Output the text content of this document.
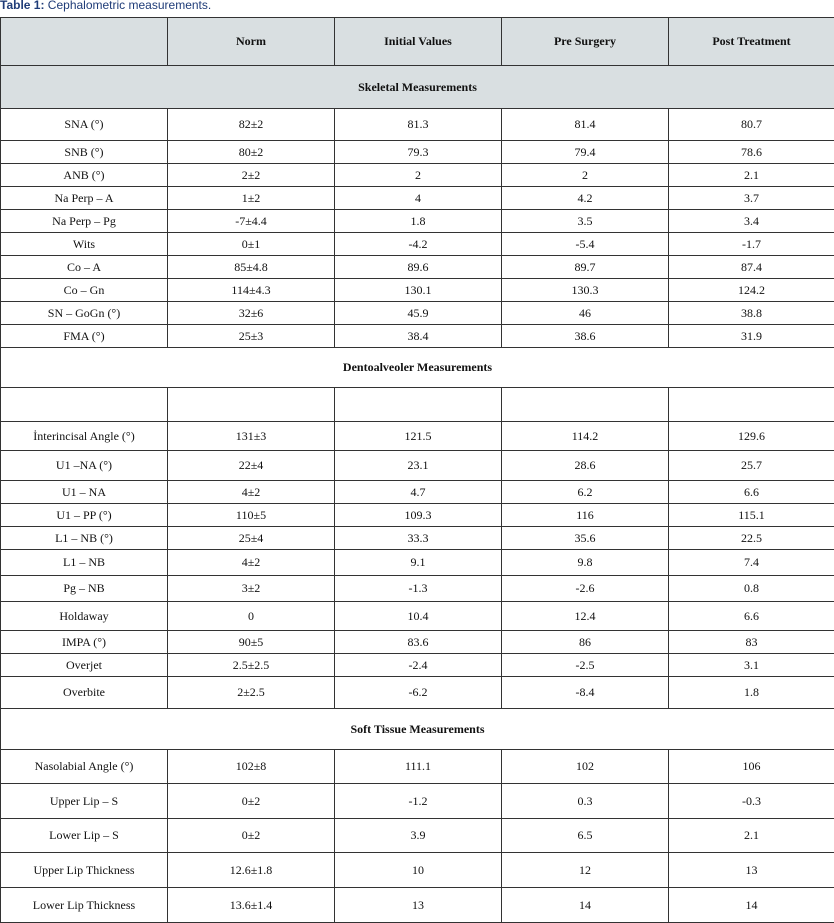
Table 1: Cephalometric measurements.
	Norm	Initial Values	Pre Surgery	Post Treatment
Skeletal Measurements				
SNA (°)	82±2	81.3	81.4	80.7
SNB (°)	80±2	79.3	79.4	78.6
ANB (°)	2±2	2	2	2.1
Na Perp – A	1±2	4	4.2	3.7
Na Perp – Pg	-7±4.4	1.8	3.5	3.4
Wits	0±1	-4.2	-5.4	-1.7
Co – A	85±4.8	89.6	89.7	87.4
Co – Gn	114±4.3	130.1	130.3	124.2
SN – GoGn (°)	32±6	45.9	46	38.8
FMA (°)	25±3	38.4	38.6	31.9
Dentoalveoler Measurements				

İnterincisal Angle (°)	131±3	121.5	114.2	129.6
U1 –NA (°)	22±4	23.1	28.6	25.7
U1 – NA	4±2	4.7	6.2	6.6
U1 – PP (°)	110±5	109.3	116	115.1
L1 – NB (°)	25±4	33.3	35.6	22.5
L1 – NB	4±2	9.1	9.8	7.4
Pg – NB	3±2	-1.3	-2.6	0.8
Holdaway	0	10.4	12.4	6.6
IMPA (°)	90±5	83.6	86	83
Overjet	2.5±2.5	-2.4	-2.5	3.1
Overbite	2±2.5	-6.2	-8.4	1.8
Soft Tissue Measurements				
Nasolabial Angle (°)	102±8	111.1	102	106
Upper Lip – S	0±2	-1.2	0.3	-0.3
Lower Lip – S	0±2	3.9	6.5	2.1
Upper Lip Thickness	12.6±1.8	10	12	13
Lower Lip Thickness	13.6±1.4	13	14	14
